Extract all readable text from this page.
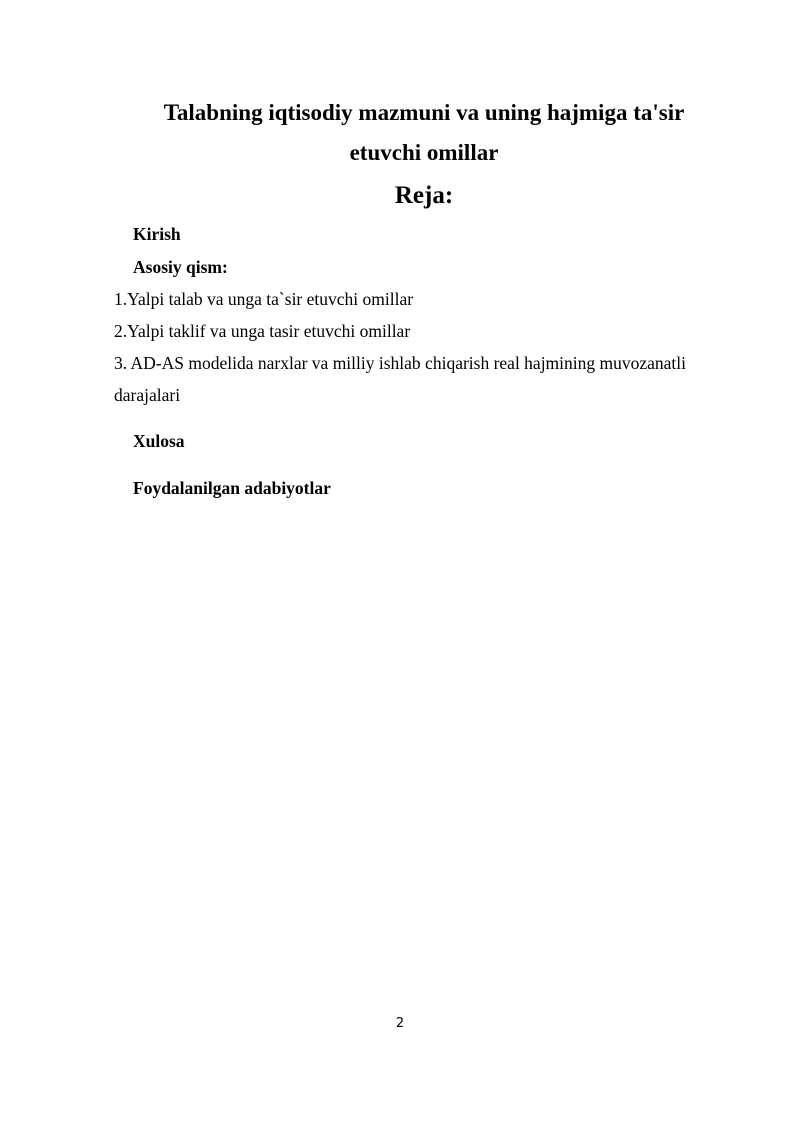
Talabning iqtisodiy mazmuni va uning hajmiga ta'sir
etuvchi omillar
Reja:

Kirish

Asosiy qism:

1.Yalpi talab va unga ta`sir etuvchi omillar

2.Yalpi taklif va unga tasir etuvchi omillar

3. AD-AS modelida narxlar va milliy ishlab chiqarish real hajmining muvozanatli

darajalari

Xulosa

Foydalanilgan adabiyotlar

2
